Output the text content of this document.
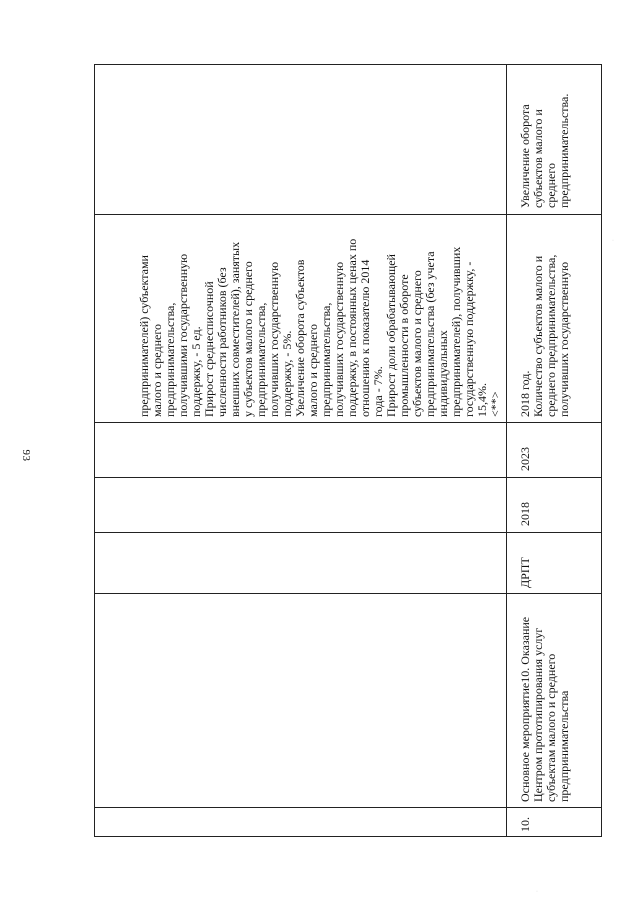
93
предпринимателей) субъектами малого и среднего предпринимательства, получившими государственную поддержку, - 5 ед. Прирост среднесписочной численности работников (без внешних совместителей), занятых у субъектов малого и среднего предпринимательства, получивших государственную поддержку, - 5%. Увеличение оборота субъектов малого и среднего предпринимательства, получивших государственную поддержку, в постоянных ценах по отношению к показателю 2014 года - 7%. Прирост доли обрабатывающей промышленности в обороте субъектов малого и среднего предпринимательства (без учета индивидуальных предпринимателей), получивших государственную поддержку, - 15,4%. <**>
10.
Основное мероприятие10. Оказание Центром прототипирования услуг субъектам малого и среднего предпринимательства
ДРПТ
2018
2023
2018 год. Количество субъектов малого и среднего предпринимательства, получивших государственную
Увеличение оборота субъектов малого и среднего предпринимательства.
·
·
